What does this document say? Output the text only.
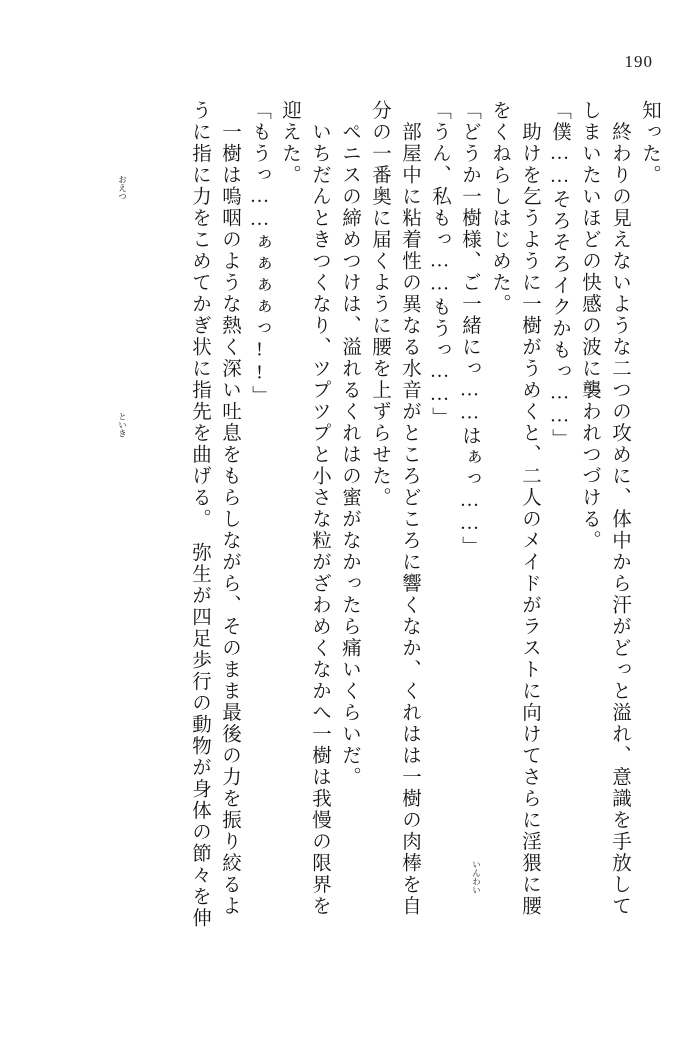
190
知った。
　終わりの見えないような二つの攻めに、体中から汗がどっと溢れ、意識を手放して
しまいたいほどの快感の波に襲われつづける。
「僕……そろそろイクかもっ……」
　助けを乞うように一樹がうめくと、二人のメイドがラストに向けてさらに淫猥に腰
をくねらしはじめた。
「どうか一樹様、ご一緒にっ……はぁっ……」
「うん、私もっ……もうっ……」
　部屋中に粘着性の異なる水音がところどころに響くなか、くれはは一樹の肉棒を自
分の一番奥に届くように腰を上ずらせた。
　ペニスの締めつけは、溢れるくれはの蜜がなかったら痛いくらいだ。
　いちだんときつくなり、ツプツプと小さな粒がざわめくなかへ一樹は我慢の限界を
迎えた。
「もうっ……ぁぁぁぁっ!!」
　一樹は嗚咽のような熱く深い吐息をもらしながら、そのまま最後の力を振り絞るよ
うに指に力をこめてかぎ状に指先を曲げる。　弥生が四足歩行の動物が身体の節々を伸	いんわい
おえつ
といき
